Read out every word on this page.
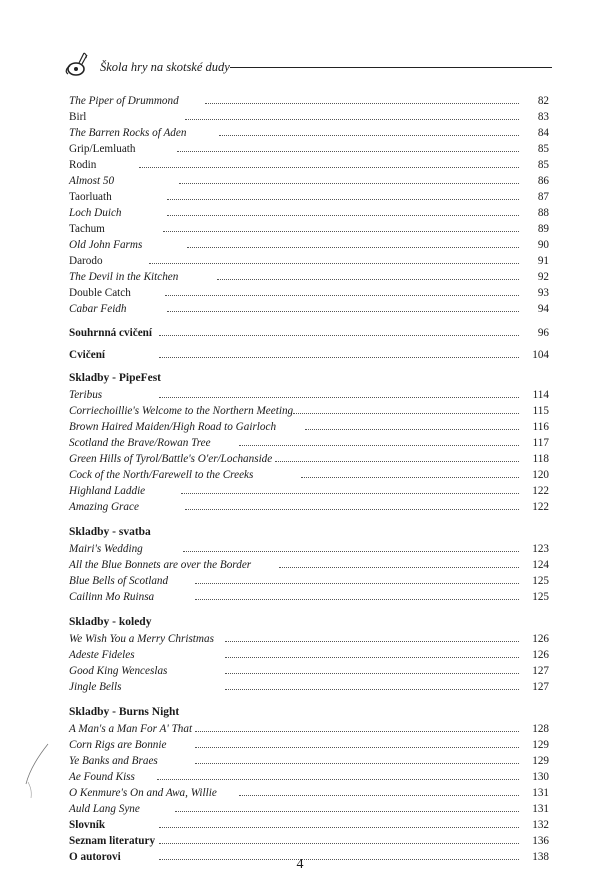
Škola hry na skotské dudy
The Piper of Drummond	82
Birl	83
The Barren Rocks of Aden	84
Grip/Lemluath	85
Rodin	85
Almost 50	86
Taorluath	87
Loch Duich	88
Tachum	89
Old John Farms	90
Darodo	91
The Devil in the Kitchen	92
Double Catch	93
Cabar Feidh	94
Souhrnná cvičení	96
Cvičení	104
Skladby - PipeFest
Teribus	114
Corriechoillie's Welcome to the Northern Meeting	115
Brown Haired Maiden/High Road to Gairloch	116
Scotland the Brave/Rowan Tree	117
Green Hills of Tyrol/Battle's O'er/Lochanside	118
Cock of the North/Farewell to the Creeks	120
Highland Laddie	122
Amazing Grace	122
Skladby - svatba
Mairi's Wedding	123
All the Blue Bonnets are over the Border	124
Blue Bells of Scotland	125
Cailinn Mo Ruinsa	125
Skladby - koledy
We Wish You a Merry Christmas	126
Adeste Fideles	126
Good King Wenceslas	127
Jingle Bells	127
Skladby - Burns Night
A Man's a Man For A' That	128
Corn Rigs are Bonnie	129
Ye Banks and Braes	129
Ae Found Kiss	130
O Kenmure's On and Awa, Willie	131
Auld Lang Syne	131
Slovník	132
Seznam literatury	136
O autorovi	138
4
